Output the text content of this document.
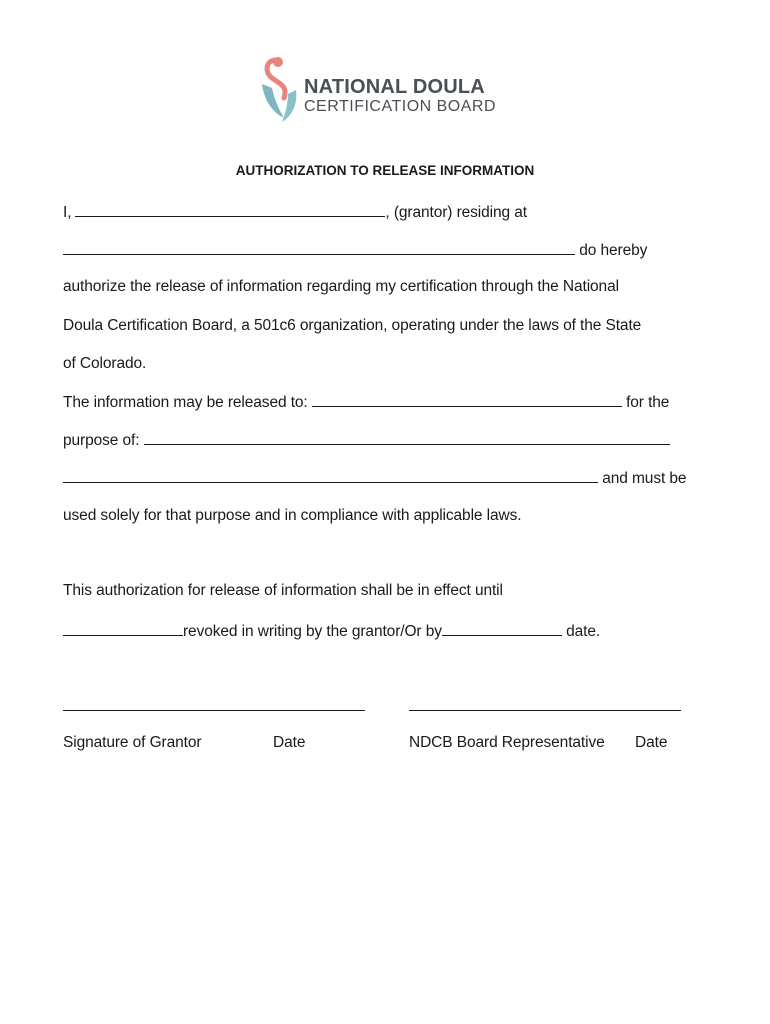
NATIONAL DOULA
CERTIFICATION BOARD
AUTHORIZATION TO RELEASE INFORMATION
I,	, (grantor) residing at
do hereby
authorize the release of information regarding my certification through the National
Doula Certification Board, a 501c6 organization, operating under the laws of the State
of Colorado.
The information may be released to:	for the
purpose of:
and must be
used solely for that purpose and in compliance with applicable laws.
This authorization for release of information shall be in effect until
revoked in writing by the grantor/Or by	date.
Signature of Grantor	Date	NDCB Board Representative Date
